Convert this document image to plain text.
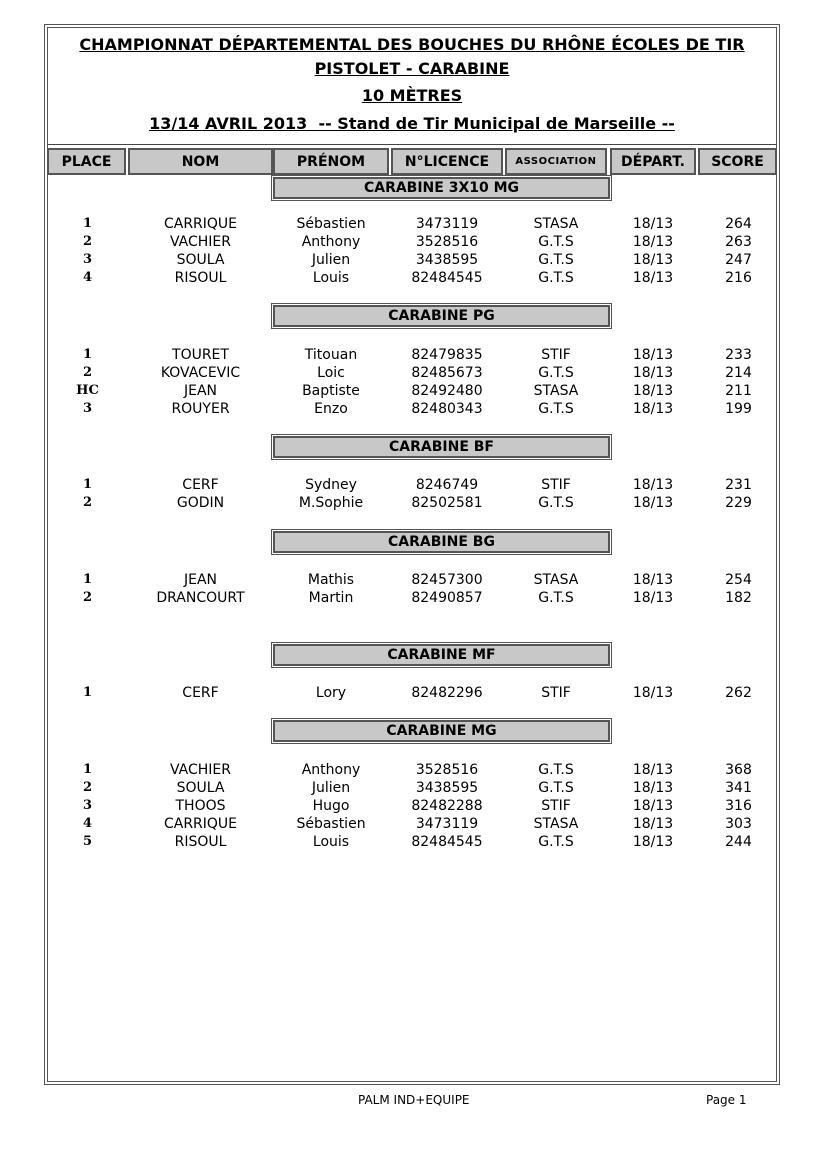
CHAMPIONNAT DÉPARTEMENTAL DES BOUCHES DU RHÔNE ÉCOLES DE TIR
PISTOLET - CARABINE
10 MÈTRES
13/14 AVRIL 2013  -- Stand de Tir Municipal de Marseille --
PLACE	NOM	PRÉNOM	N°LICENCE	ASSOCIATION	DÉPART.	SCORE
CARABINE 3X10 MG
1	CARRIQUE	Sébastien	3473119	STASA	18/13	264
2	VACHIER	Anthony	3528516	G.T.S	18/13	263
3	SOULA	Julien	3438595	G.T.S	18/13	247
4	RISOUL	Louis	82484545	G.T.S	18/13	216
CARABINE PG
1	TOURET	Titouan	82479835	STIF	18/13	233
2	KOVACEVIC	Loic	82485673	G.T.S	18/13	214
HC	JEAN	Baptiste	82492480	STASA	18/13	211
3	ROUYER	Enzo	82480343	G.T.S	18/13	199
CARABINE BF
1	CERF	Sydney	8246749	STIF	18/13	231
2	GODIN	M.Sophie	82502581	G.T.S	18/13	229
CARABINE BG
1	JEAN	Mathis	82457300	STASA	18/13	254
2	DRANCOURT	Martin	82490857	G.T.S	18/13	182
CARABINE MF
1	CERF	Lory	82482296	STIF	18/13	262
CARABINE MG
1	VACHIER	Anthony	3528516	G.T.S	18/13	368
2	SOULA	Julien	3438595	G.T.S	18/13	341
3	THOOS	Hugo	82482288	STIF	18/13	316
4	CARRIQUE	Sébastien	3473119	STASA	18/13	303
5	RISOUL	Louis	82484545	G.T.S	18/13	244
PALM IND+EQUIPE	Page 1
